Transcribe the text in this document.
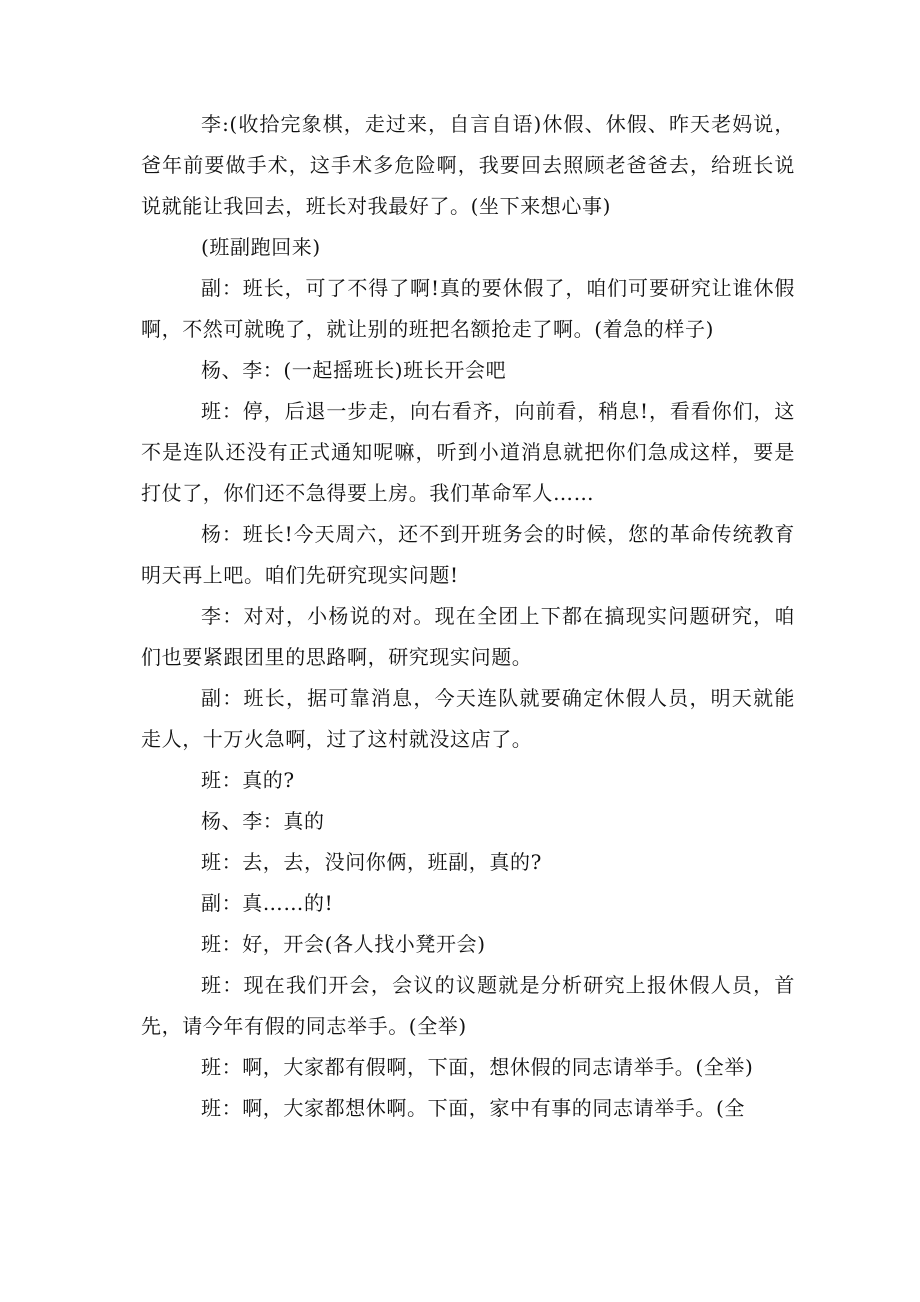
李:(收拾完象棋，走过来，自言自语)休假、休假、昨天老妈说，爸年前要做手术，这手术多危险啊，我要回去照顾老爸爸去，给班长说说就能让我回去，班长对我最好了。(坐下来想心事)

(班副跑回来)

副：班长，可了不得了啊!真的要休假了，咱们可要研究让谁休假啊，不然可就晚了，就让别的班把名额抢走了啊。(着急的样子)

杨、李：(一起摇班长)班长开会吧

班：停，后退一步走，向右看齐，向前看，稍息!，看看你们，这不是连队还没有正式通知呢嘛，听到小道消息就把你们急成这样，要是打仗了，你们还不急得要上房。我们革命军人……

杨：班长!今天周六，还不到开班务会的时候，您的革命传统教育明天再上吧。咱们先研究现实问题!

李：对对，小杨说的对。现在全团上下都在搞现实问题研究，咱们也要紧跟团里的思路啊，研究现实问题。

副：班长，据可靠消息，今天连队就要确定休假人员，明天就能走人，十万火急啊，过了这村就没这店了。

班：真的?

杨、李：真的

班：去，去，没问你俩，班副，真的?

副：真……的!

班：好，开会(各人找小凳开会)

班：现在我们开会，会议的议题就是分析研究上报休假人员，首先，请今年有假的同志举手。(全举)

班：啊，大家都有假啊，下面，想休假的同志请举手。(全举)

班：啊，大家都想休啊。下面，家中有事的同志请举手。(全
